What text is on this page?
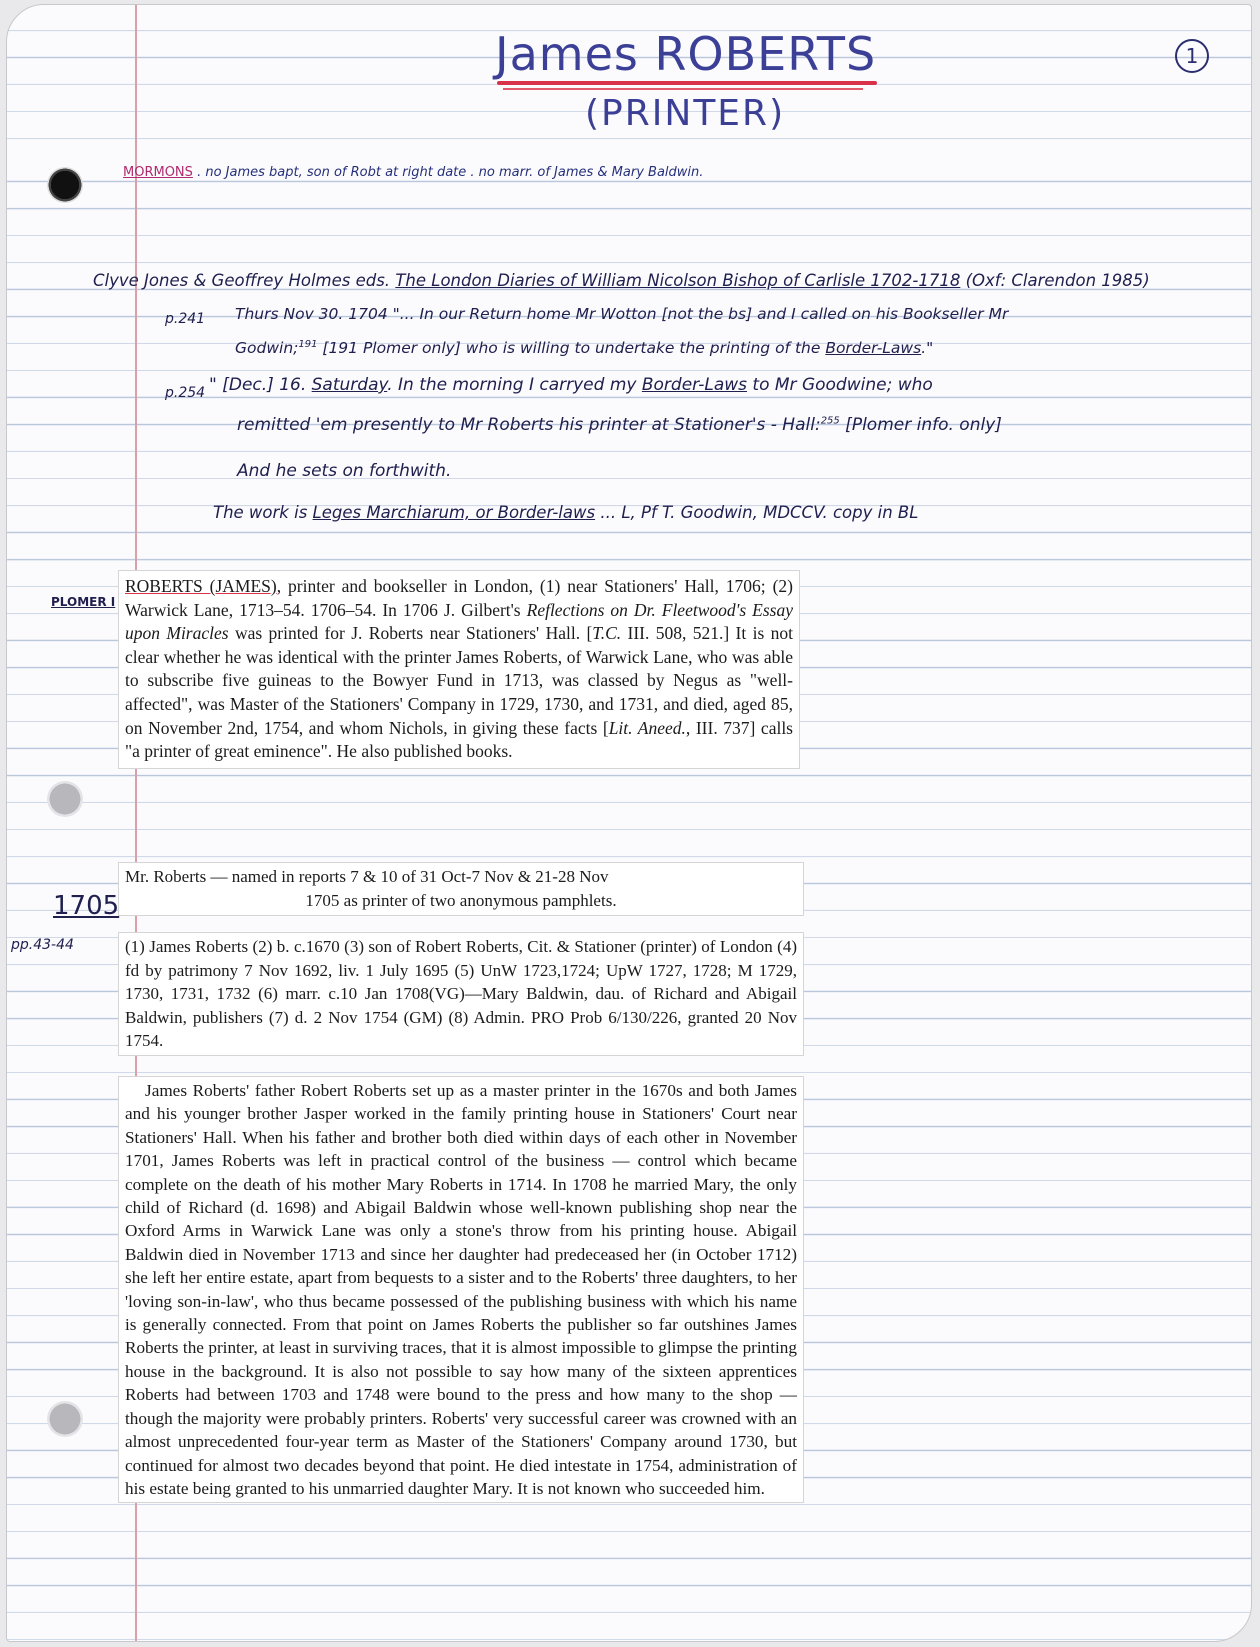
James ROBERTS
(PRINTER)
1
MORMONS . no James bapt, son of Robt at right date . no marr. of James & Mary Baldwin.
Clyve Jones & Geoffrey Holmes eds. The London Diaries of William Nicolson Bishop of Carlisle 1702-1718 (Oxf: Clarendon 1985)
p.241 Thurs Nov 30. 1704 "... In our Return home Mr Wotton [not the bs] and I called on his Bookseller Mr
Godwin;$^{191}$ [191 Plomer only] who is willing to undertake the printing of the Border-Laws."
p.254 " [Dec.] 16. Saturday. In the morning I carryed my Border-Laws to Mr Goodwine; who
remitted 'em presently to Mr Roberts his printer at Stationer's - Hall:$^{255}$ [Plomer info. only]
And he sets on forthwith.
The work is Leges Marchiarum, or Border-laws ... L, Pf T. Goodwin, MDCCV. copy in BL
PLOMER I

ROBERTS (JAMES), printer and bookseller in London, (1) near Stationers' Hall, 1706; (2) Warwick Lane, 1713–54. 1706–54. In 1706 J. Gilbert's Reflections on Dr. Fleetwood's Essay upon Miracles was printed for J. Roberts near Stationers' Hall. [T.C. III. 508, 521.] It is not clear whether he was identical with the printer James Roberts, of Warwick Lane, who was able to subscribe five guineas to the Bowyer Fund in 1713, was classed by Negus as "well-affected", was Master of the Stationers' Company in 1729, 1730, and 1731, and died, aged 85, on November 2nd, 1754, and whom Nichols, in giving these facts [Lit. Aneed., III. 737] calls "a printer of great eminence". He also published books.

1705
pp.43-44

Mr. Roberts — named in reports 7 & 10 of 31 Oct-7 Nov & 21-28 Nov

1705 as printer of two anonymous pamphlets.

(1) James Roberts (2) b. c.1670 (3) son of Robert Roberts, Cit. & Stationer (printer) of London (4) fd by patrimony 7 Nov 1692, liv. 1 July 1695 (5) UnW 1723,1724; UpW 1727, 1728; M 1729, 1730, 1731, 1732 (6) marr. c.10 Jan 1708(VG)—Mary Baldwin, dau. of Richard and Abigail Baldwin, publishers (7) d. 2 Nov 1754 (GM) (8) Admin. PRO Prob 6/130/226, granted 20 Nov 1754.

James Roberts' father Robert Roberts set up as a master printer in the 1670s and both James and his younger brother Jasper worked in the family printing house in Stationers' Court near Stationers' Hall. When his father and brother both died within days of each other in November 1701, James Roberts was left in practical control of the business — control which became complete on the death of his mother Mary Roberts in 1714. In 1708 he married Mary, the only child of Richard (d. 1698) and Abigail Baldwin whose well-known publishing shop near the Oxford Arms in Warwick Lane was only a stone's throw from his printing house. Abigail Baldwin died in November 1713 and since her daughter had predeceased her (in October 1712) she left her entire estate, apart from bequests to a sister and to the Roberts' three daughters, to her 'loving son-in-law', who thus became possessed of the publishing business with which his name is generally connected. From that point on James Roberts the publisher so far outshines James Roberts the printer, at least in surviving traces, that it is almost impossible to glimpse the printing house in the background. It is also not possible to say how many of the sixteen apprentices Roberts had between 1703 and 1748 were bound to the press and how many to the shop — though the majority were probably printers. Roberts' very successful career was crowned with an almost unprecedented four-year term as Master of the Stationers' Company around 1730, but continued for almost two decades beyond that point. He died intestate in 1754, administration of his estate being granted to his unmarried daughter Mary. It is not known who succeeded him.
